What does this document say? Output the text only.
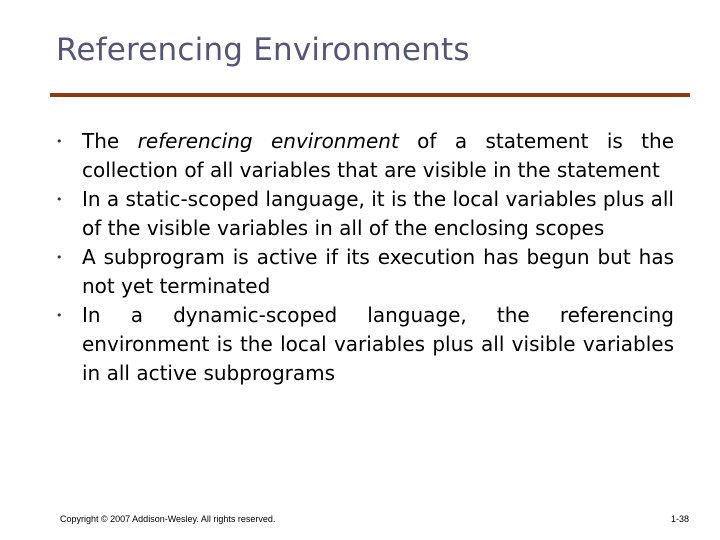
Referencing Environments
• The referencing environment of a statement is the collection of all variables that are visible in the statement
• In a static-scoped language, it is the local variables plus all of the visible variables in all of the enclosing scopes
• A subprogram is active if its execution has begun but has not yet terminated
• In a dynamic-scoped language, the referencing environment is the local variables plus all visible variables in all active subprograms
Copyright © 2007 Addison-Wesley. All rights reserved.	1-38
